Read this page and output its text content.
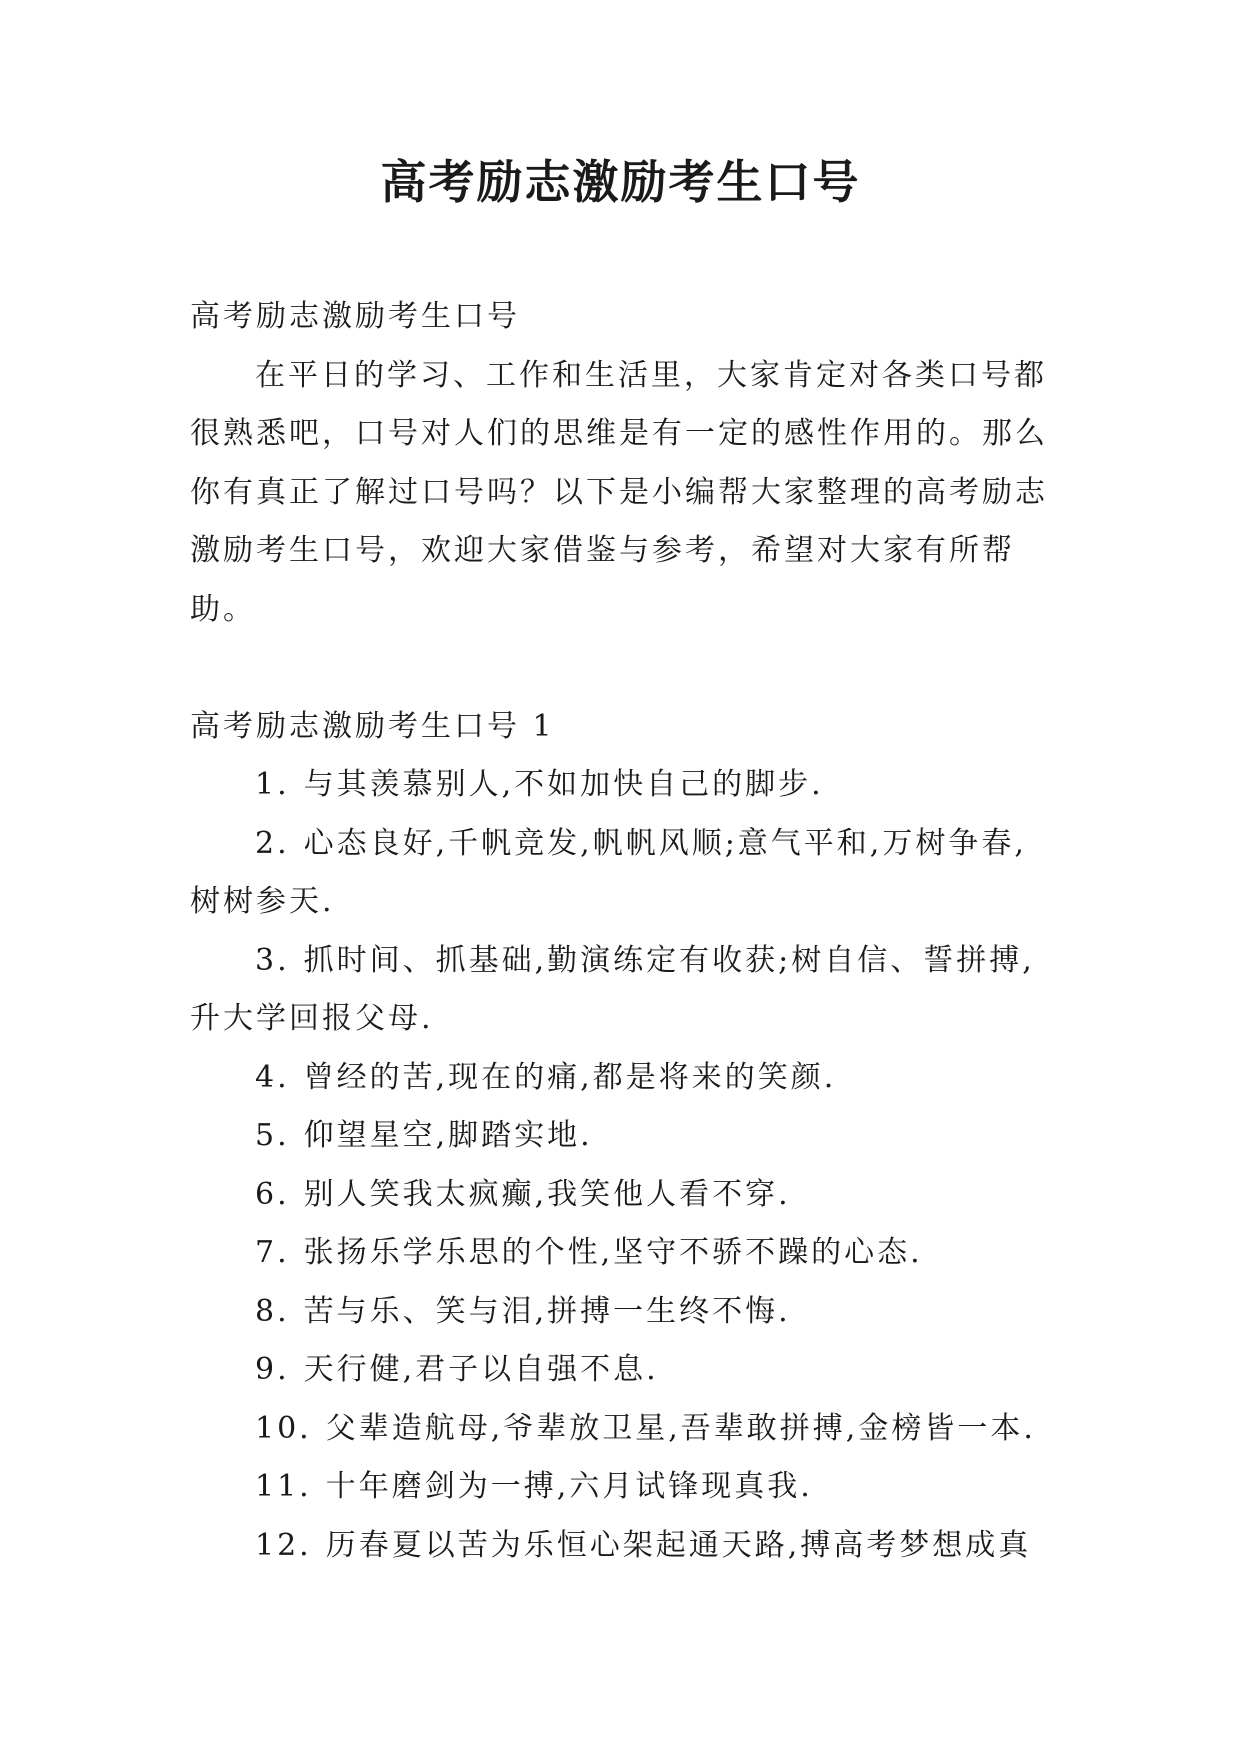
高考励志激励考生口号

高考励志激励考生口号

在平日的学习、工作和生活里，大家肯定对各类口号都很熟悉吧，口号对人们的思维是有一定的感性作用的。那么你有真正了解过口号吗？以下是小编帮大家整理的高考励志激励考生口号，欢迎大家借鉴与参考，希望对大家有所帮助。

高考励志激励考生口号 1

1. 与其羡慕别人,不如加快自己的脚步.

2. 心态良好,千帆竞发,帆帆风顺;意气平和,万树争春,树树参天.

3. 抓时间、抓基础,勤演练定有收获;树自信、誓拼搏,升大学回报父母.

4. 曾经的苦,现在的痛,都是将来的笑颜.

5. 仰望星空,脚踏实地.

6. 别人笑我太疯癫,我笑他人看不穿.

7. 张扬乐学乐思的个性,坚守不骄不躁的心态.

8. 苦与乐、笑与泪,拼搏一生终不悔.

9. 天行健,君子以自强不息.

10. 父辈造航母,爷辈放卫星,吾辈敢拼搏,金榜皆一本.

11. 十年磨剑为一搏,六月试锋现真我.

12. 历春夏以苦为乐恒心架起通天路,搏高考梦想成真
